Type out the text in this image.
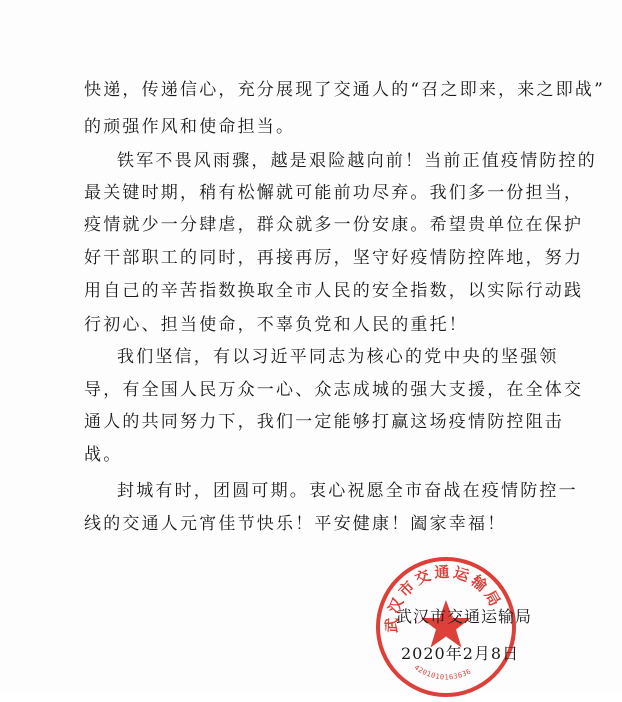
快递，传递信心，充分展现了交通人的“召之即来，来之即战”
的顽强作风和使命担当。
铁军不畏风雨骤，越是艰险越向前！当前正值疫情防控的
最关键时期，稍有松懈就可能前功尽弃。我们多一份担当，
疫情就少一分肆虐，群众就多一份安康。希望贵单位在保护
好干部职工的同时，再接再厉，坚守好疫情防控阵地，努力
用自己的辛苦指数换取全市人民的安全指数，以实际行动践
行初心、担当使命，不辜负党和人民的重托！
我们坚信，有以习近平同志为核心的党中央的坚强领
导，有全国人民万众一心、众志成城的强大支援，在全体交
通人的共同努力下，我们一定能够打赢这场疫情防控阻击
战。
封城有时，团圆可期。衷心祝愿全市奋战在疫情防控一
线的交通人元宵佳节快乐！平安健康！阖家幸福！
武汉市交通运输局
4201010163636
武汉市交通运输局
2020年2月8日
